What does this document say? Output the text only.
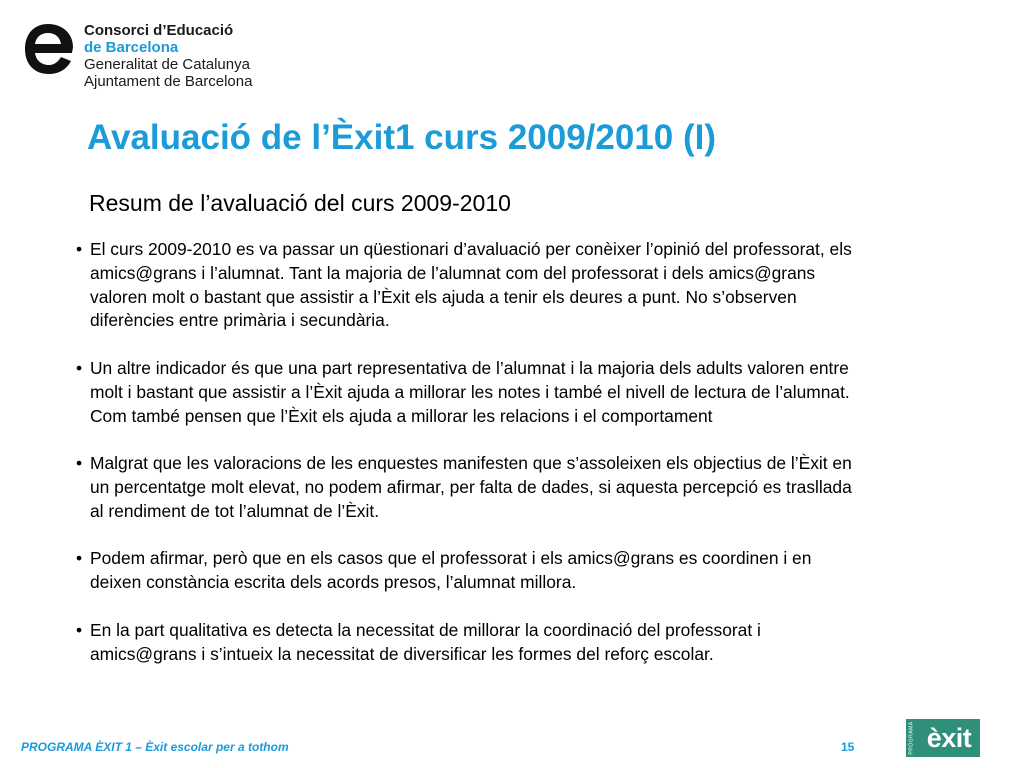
Consorci d’Educació
de Barcelona
Generalitat de Catalunya
Ajuntament de Barcelona
Avaluació de l’Èxit1 curs 2009/2010 (I)
Resum de l’avaluació del curs 2009-2010
• El curs 2009-2010 es va passar un qüestionari d’avaluació per conèixer l’opinió del professorat, els
amics@grans i l’alumnat. Tant la majoria de l’alumnat com del professorat i dels amics@grans
valoren molt o bastant que assistir a l’Èxit els ajuda a tenir els deures a punt. No s’observen
diferències entre primària i secundària.
• Un altre indicador és que una part representativa de l’alumnat i la majoria dels adults valoren entre
molt i bastant que assistir a l’Èxit ajuda a millorar les notes i també el nivell de lectura de l’alumnat.
Com també pensen que l’Èxit els ajuda a millorar les relacions i el comportament
• Malgrat que les valoracions de les enquestes manifesten que s’assoleixen els objectius de l’Èxit en
un percentatge molt elevat, no podem afirmar, per falta de dades, si aquesta percepció es trasllada
al rendiment de tot l’alumnat de l’Èxit.
• Podem afirmar, però que en els casos que el professorat i els amics@grans es coordinen i en
deixen constància escrita dels acords presos, l’alumnat millora.
• En la part qualitativa es detecta la necessitat de millorar la coordinació del professorat i
amics@grans i s’intueix la necessitat de diversificar les formes del reforç escolar.
PROGRAMA ÈXIT 1 – Èxit escolar per a tothom	15	PROGRAMA èxit
